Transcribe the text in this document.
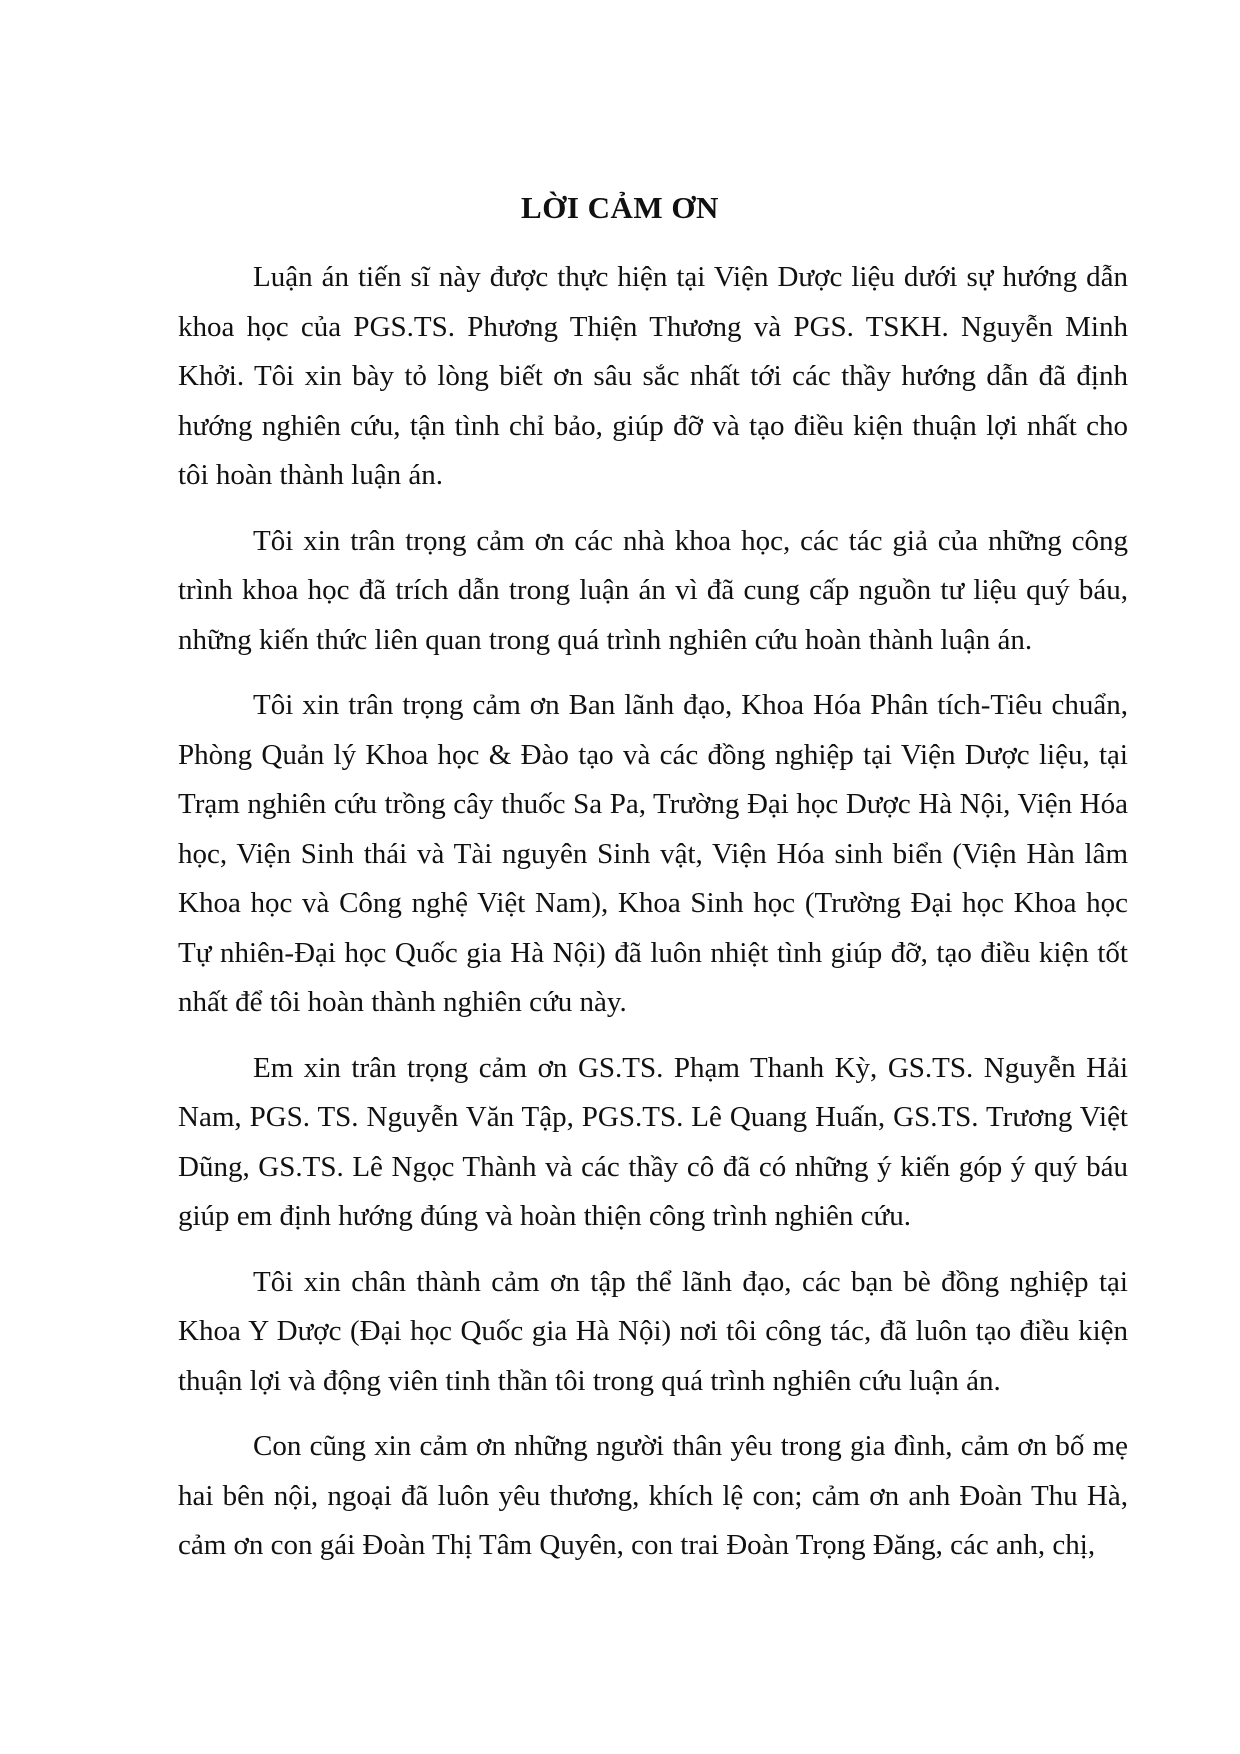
LỜI CẢM ƠN

Luận án tiến sĩ này được thực hiện tại Viện Dược liệu dưới sự hướng dẫn khoa học của PGS.TS. Phương Thiện Thương và PGS. TSKH. Nguyễn Minh Khởi. Tôi xin bày tỏ lòng biết ơn sâu sắc nhất tới các thầy hướng dẫn đã định hướng nghiên cứu, tận tình chỉ bảo, giúp đỡ và tạo điều kiện thuận lợi nhất cho tôi hoàn thành luận án.

Tôi xin trân trọng cảm ơn các nhà khoa học, các tác giả của những công trình khoa học đã trích dẫn trong luận án vì đã cung cấp nguồn tư liệu quý báu, những kiến thức liên quan trong quá trình nghiên cứu hoàn thành luận án.

Tôi xin trân trọng cảm ơn Ban lãnh đạo, Khoa Hóa Phân tích-Tiêu chuẩn, Phòng Quản lý Khoa học & Đào tạo và các đồng nghiệp tại Viện Dược liệu, tại Trạm nghiên cứu trồng cây thuốc Sa Pa, Trường Đại học Dược Hà Nội, Viện Hóa học, Viện Sinh thái và Tài nguyên Sinh vật, Viện Hóa sinh biển (Viện Hàn lâm Khoa học và Công nghệ Việt Nam), Khoa Sinh học (Trường Đại học Khoa học Tự nhiên-Đại học Quốc gia Hà Nội) đã luôn nhiệt tình giúp đỡ, tạo điều kiện tốt nhất để tôi hoàn thành nghiên cứu này.

Em xin trân trọng cảm ơn GS.TS. Phạm Thanh Kỳ, GS.TS. Nguyễn Hải Nam, PGS. TS. Nguyễn Văn Tập, PGS.TS. Lê Quang Huấn, GS.TS. Trương Việt Dũng, GS.TS. Lê Ngọc Thành và các thầy cô đã có những ý kiến góp ý quý báu giúp em định hướng đúng và hoàn thiện công trình nghiên cứu.

Tôi xin chân thành cảm ơn tập thể lãnh đạo, các bạn bè đồng nghiệp tại Khoa Y Dược (Đại học Quốc gia Hà Nội) nơi tôi công tác, đã luôn tạo điều kiện thuận lợi và động viên tinh thần tôi trong quá trình nghiên cứu luận án.

Con cũng xin cảm ơn những người thân yêu trong gia đình, cảm ơn bố mẹ hai bên nội, ngoại đã luôn yêu thương, khích lệ con; cảm ơn anh Đoàn Thu Hà, cảm ơn con gái Đoàn Thị Tâm Quyên, con trai Đoàn Trọng Đăng, các anh, chị,
